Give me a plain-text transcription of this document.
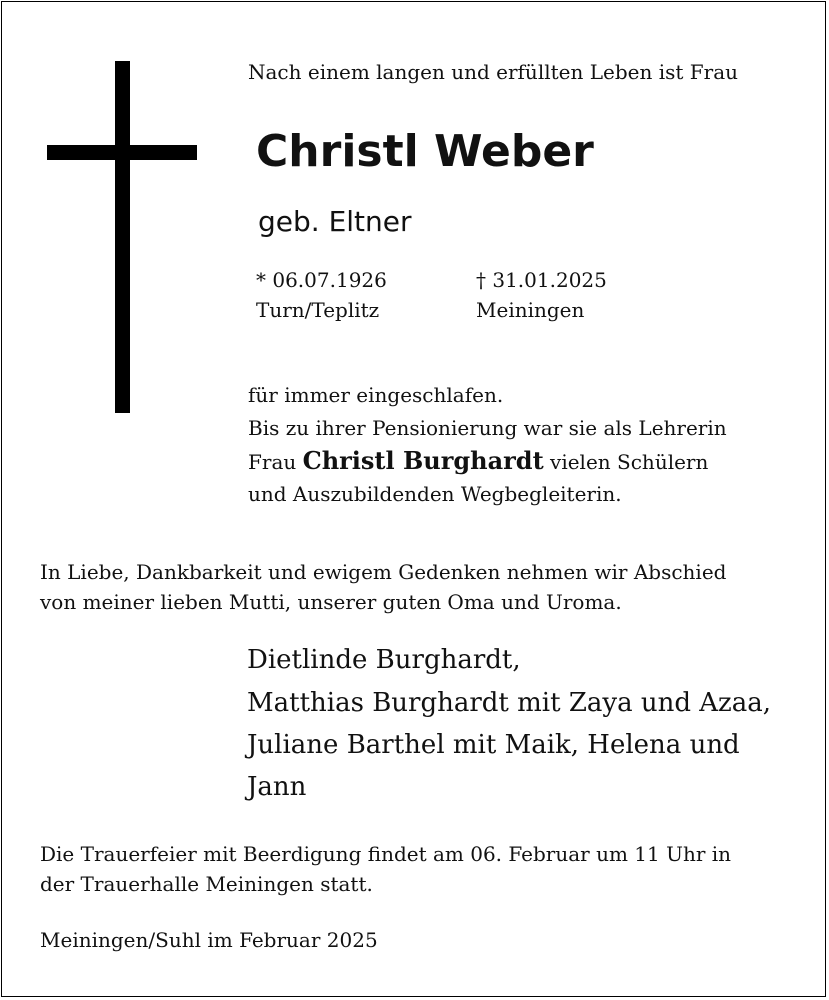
Nach einem langen und erfüllten Leben ist Frau
Christl Weber
geb. Eltner
* 06.07.1926
Turn/Teplitz
† 31.01.2025
Meiningen
für immer eingeschlafen.
Bis zu ihrer Pensionierung war sie als Lehrerin
Frau Christl Burghardt vielen Schülern
und Auszubildenden Wegbegleiterin.
In Liebe, Dankbarkeit und ewigem Gedenken nehmen wir Abschied
von meiner lieben Mutti, unserer guten Oma und Uroma.
Dietlinde Burghardt,
Matthias Burghardt mit Zaya und Azaa,
Juliane Barthel mit Maik, Helena und
Jann
Die Trauerfeier mit Beerdigung findet am 06. Februar um 11 Uhr in
der Trauerhalle Meiningen statt.
Meiningen/Suhl im Februar 2025
